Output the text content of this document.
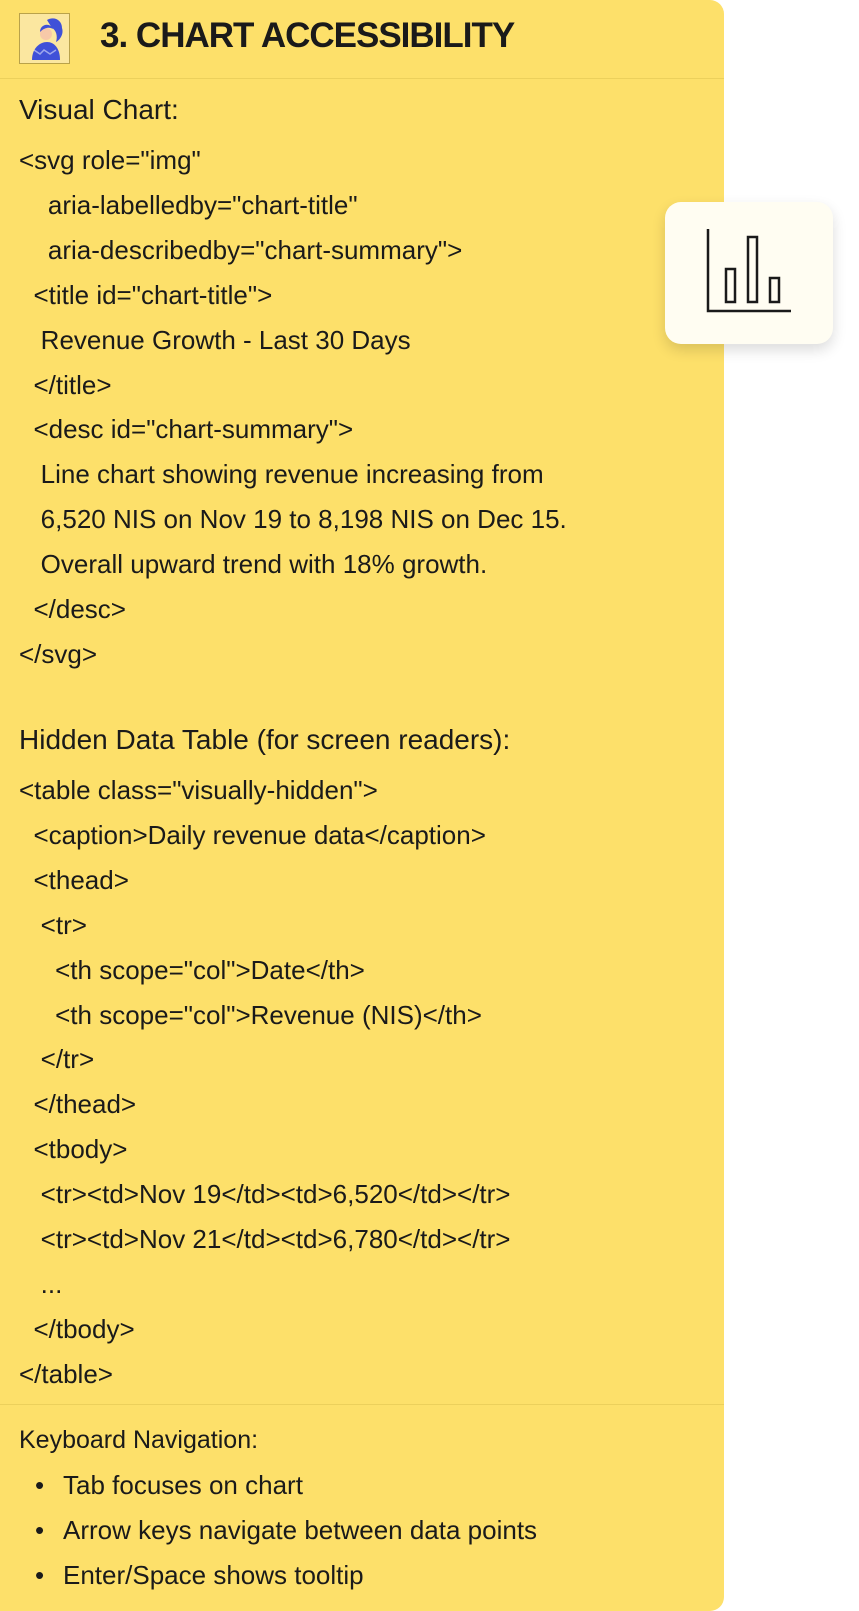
3. CHART ACCESSIBILITY
Visual Chart:
<svg role="img"
aria-labelledby="chart-title"
aria-describedby="chart-summary">
<title id="chart-title">
Revenue Growth - Last 30 Days
</title>
<desc id="chart-summary">
Line chart showing revenue increasing from
6,520 NIS on Nov 19 to 8,198 NIS on Dec 15.
Overall upward trend with 18% growth.
</desc>
</svg>
Hidden Data Table (for screen readers):
<table class="visually-hidden">
<caption>Daily revenue data</caption>
<thead>
<tr>
<th scope="col">Date</th>
<th scope="col">Revenue (NIS)</th>
</tr>
</thead>
<tbody>
<tr><td>Nov 19</td><td>6,520</td></tr>
<tr><td>Nov 21</td><td>6,780</td></tr>
...
</tbody>
</table>
Keyboard Navigation:
• Tab focuses on chart
• Arrow keys navigate between data points
• Enter/Space shows tooltip
